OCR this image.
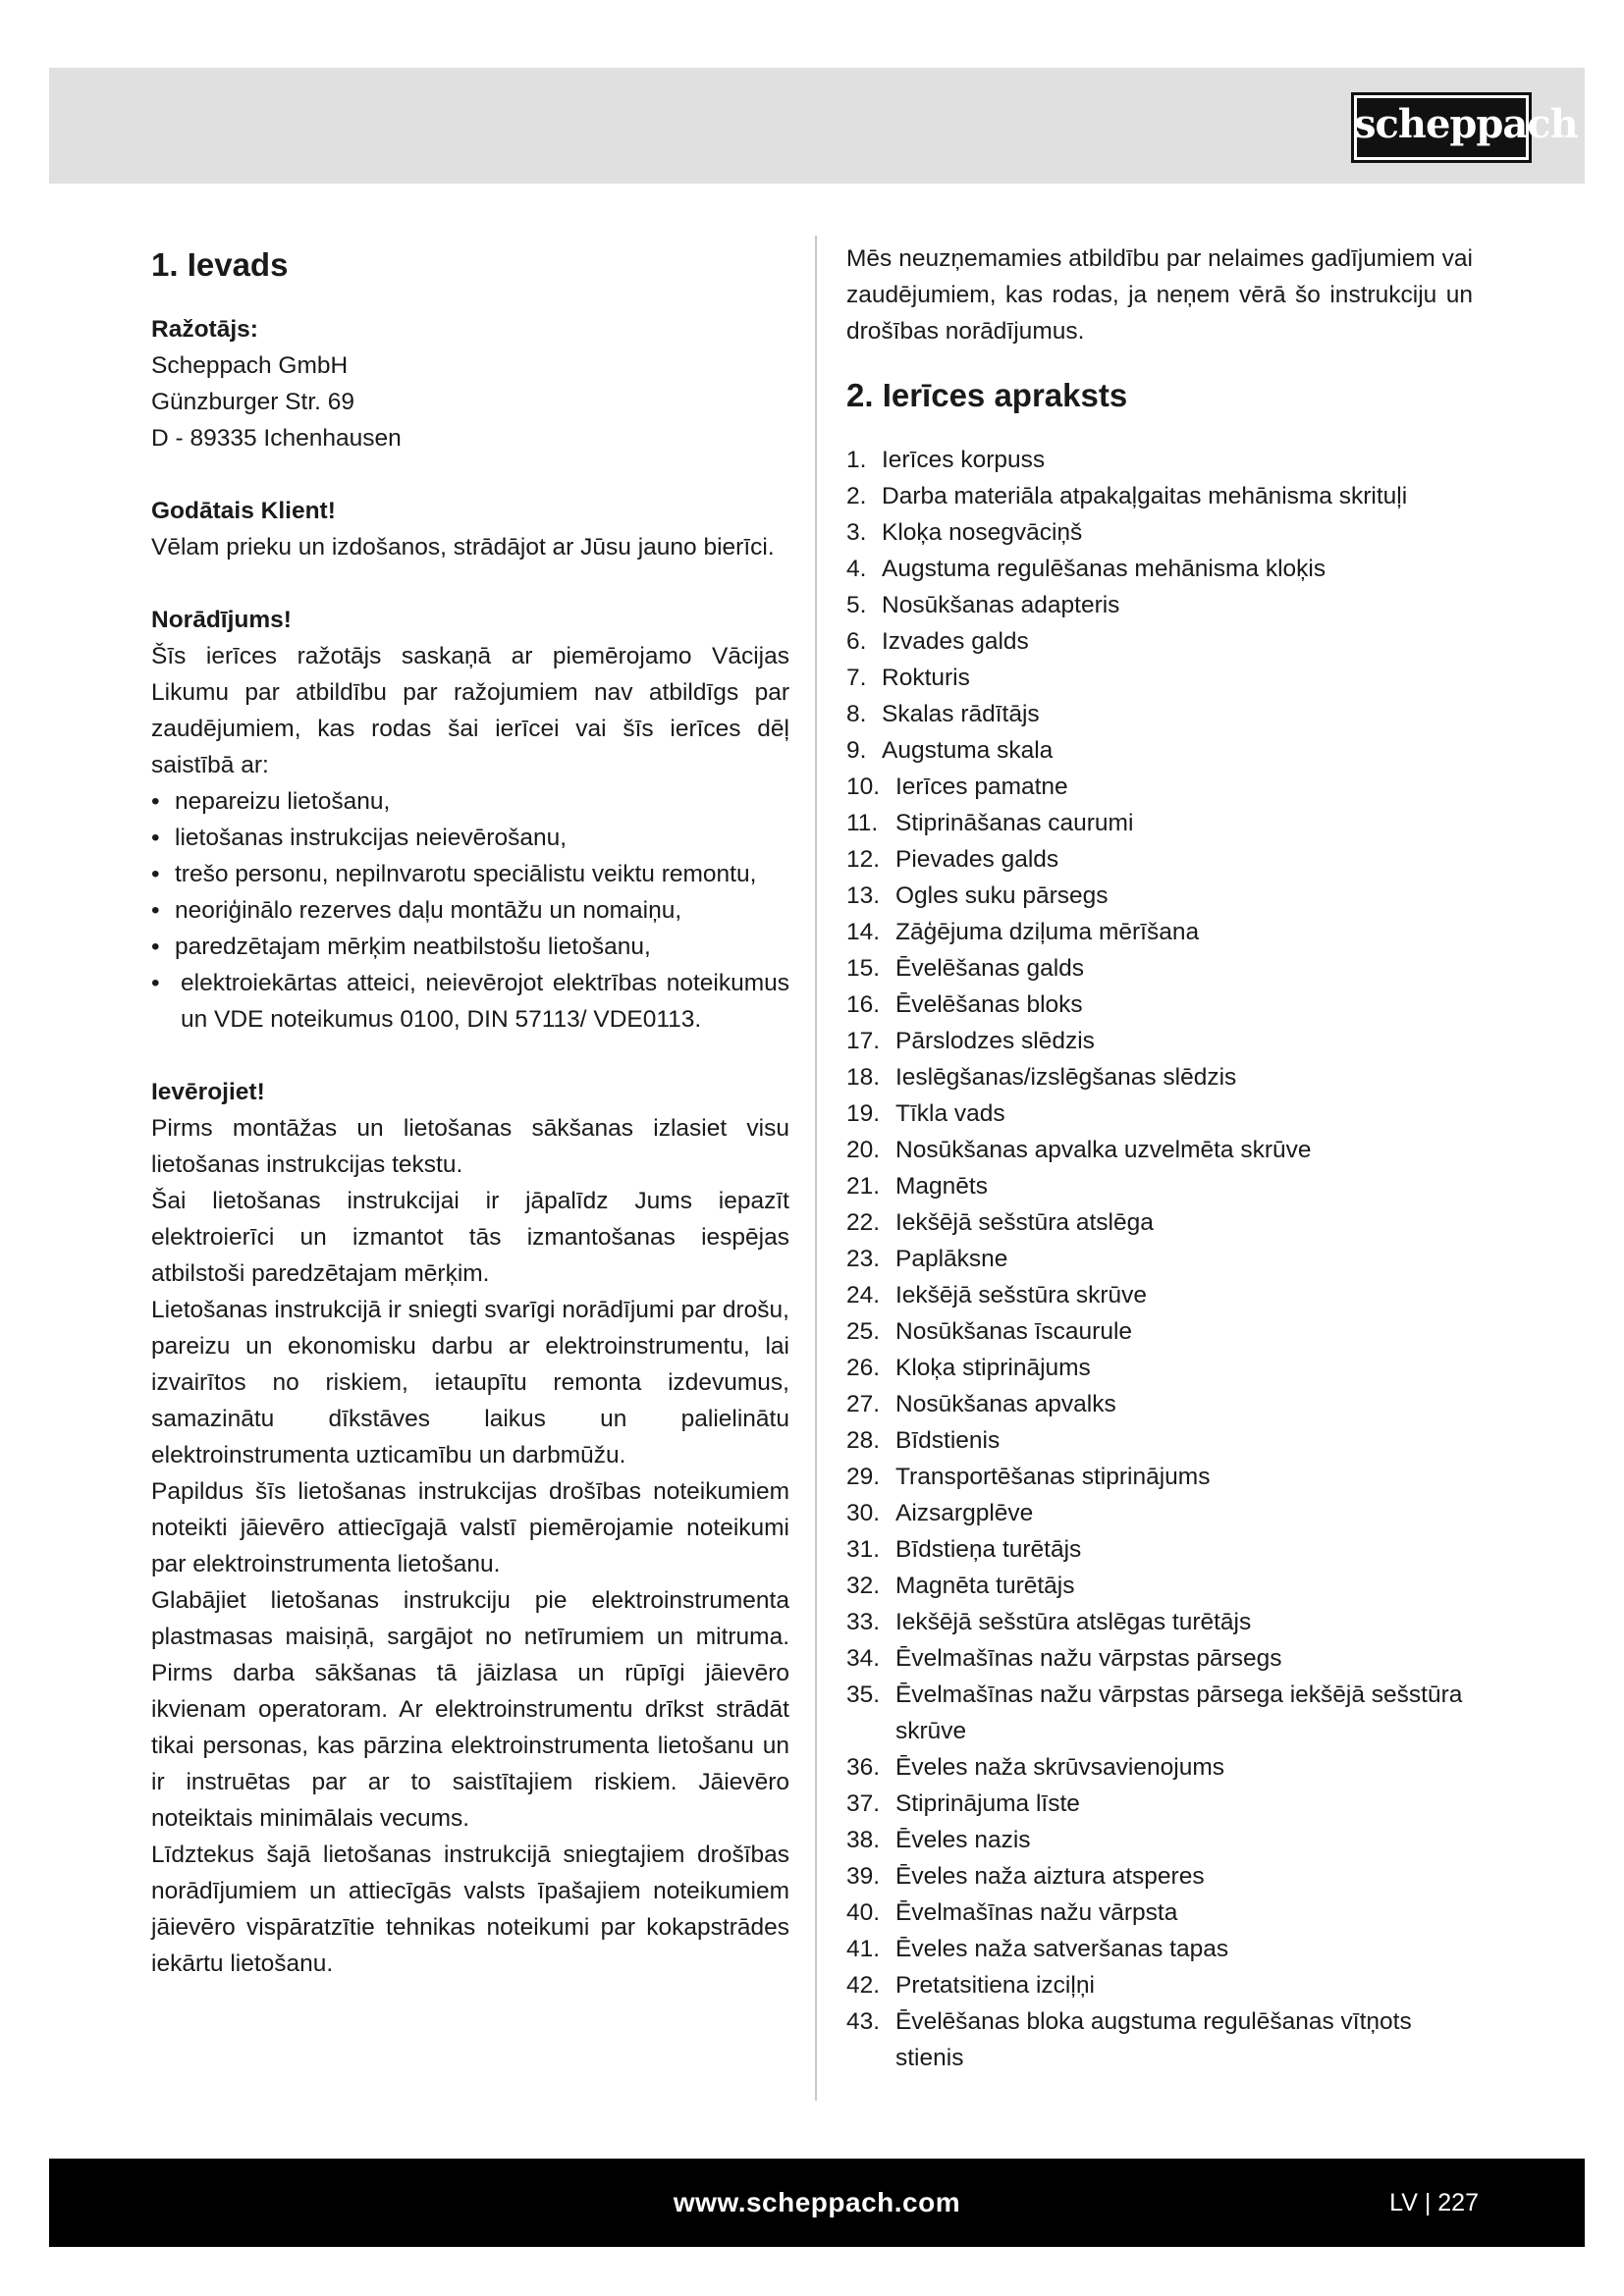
scheppach
1. Ievads
Ražotājs:
Scheppach GmbH
Günzburger Str. 69
D - 89335 Ichenhausen
Godātais Klient!
Vēlam prieku un izdošanos, strādājot ar Jūsu jauno bierīci.
Norādījums!
Šīs ierīces ražotājs saskaņā ar piemērojamo Vācijas Likumu par atbildību par ražojumiem nav atbildīgs par zaudējumiem, kas rodas šai ierīcei vai šīs ierīces dēļ saistībā ar:
• nepareizu lietošanu,
• lietošanas instrukcijas neievērošanu,
• trešo personu, nepilnvarotu speciālistu veiktu remontu,
• neoriģinālo rezerves daļu montāžu un nomaiņu,
• paredzētajam mērķim neatbilstošu lietošanu,
• elektroiekārtas atteici, neievērojot elektrības noteikumus un VDE noteikumus 0100, DIN 57113/ VDE0113.
Ievērojiet!
Pirms montāžas un lietošanas sākšanas izlasiet visu lietošanas instrukcijas tekstu.
Šai lietošanas instrukcijai ir jāpalīdz Jums iepazīt elektroierīci un izmantot tās izmantošanas iespējas atbilstoši paredzētajam mērķim.
Lietošanas instrukcijā ir sniegti svarīgi norādījumi par drošu, pareizu un ekonomisku darbu ar elektroinstrumentu, lai izvairītos no riskiem, ietaupītu remonta izdevumus, samazinātu dīkstāves laikus un palielinātu elektroinstrumenta uzticamību un darbmūžu.
Papildus šīs lietošanas instrukcijas drošības noteikumiem noteikti jāievēro attiecīgajā valstī piemērojamie noteikumi par elektroinstrumenta lietošanu.
Glabājiet lietošanas instrukciju pie elektroinstrumenta plastmasas maisiņā, sargājot no netīrumiem un mitruma. Pirms darba sākšanas tā jāizlasa un rūpīgi jāievēro ikvienam operatoram. Ar elektroinstrumentu drīkst strādāt tikai personas, kas pārzina elektroinstrumenta lietošanu un ir instruētas par ar to saistītajiem riskiem. Jāievēro noteiktais minimālais vecums.
Līdztekus šajā lietošanas instrukcijā sniegtajiem drošības norādījumiem un attiecīgās valsts īpašajiem noteikumiem jāievēro vispāratzītie tehnikas noteikumi par kokapstrādes iekārtu lietošanu.
Mēs neuzņemamies atbildību par nelaimes gadījumiem vai zaudējumiem, kas rodas, ja neņem vērā šo instrukciju un drošības norādījumus.
2. Ierīces apraksts
1. Ierīces korpuss
2. Darba materiāla atpakaļgaitas mehānisma skrituļi
3. Kloķa nosegvāciņš
4. Augstuma regulēšanas mehānisma kloķis
5. Nosūkšanas adapteris
6. Izvades galds
7. Rokturis
8. Skalas rādītājs
9. Augstuma skala
10. Ierīces pamatne
11. Stiprināšanas caurumi
12. Pievades galds
13. Ogles suku pārsegs
14. Zāģējuma dziļuma mērīšana
15. Ēvelēšanas galds
16. Ēvelēšanas bloks
17. Pārslodzes slēdzis
18. Ieslēgšanas/izslēgšanas slēdzis
19. Tīkla vads
20. Nosūkšanas apvalka uzvelmēta skrūve
21. Magnēts
22. Iekšējā sešstūra atslēga
23. Paplāksne
24. Iekšējā sešstūra skrūve
25. Nosūkšanas īscaurule
26. Kloķa stiprinājums
27. Nosūkšanas apvalks
28. Bīdstienis
29. Transportēšanas stiprinājums
30. Aizsargplēve
31. Bīdstieņa turētājs
32. Magnēta turētājs
33. Iekšējā sešstūra atslēgas turētājs
34. Ēvelmašīnas nažu vārpstas pārsegs
35. Ēvelmašīnas nažu vārpstas pārsega iekšējā sešstūra skrūve
36. Ēveles naža skrūvsavienojums
37. Stiprinājuma līste
38. Ēveles nazis
39. Ēveles naža aiztura atsperes
40. Ēvelmašīnas nažu vārpsta
41. Ēveles naža satveršanas tapas
42. Pretatsitiena izciļņi
43. Ēvelēšanas bloka augstuma regulēšanas vītņots stienis
www.scheppach.com	LV | 227
